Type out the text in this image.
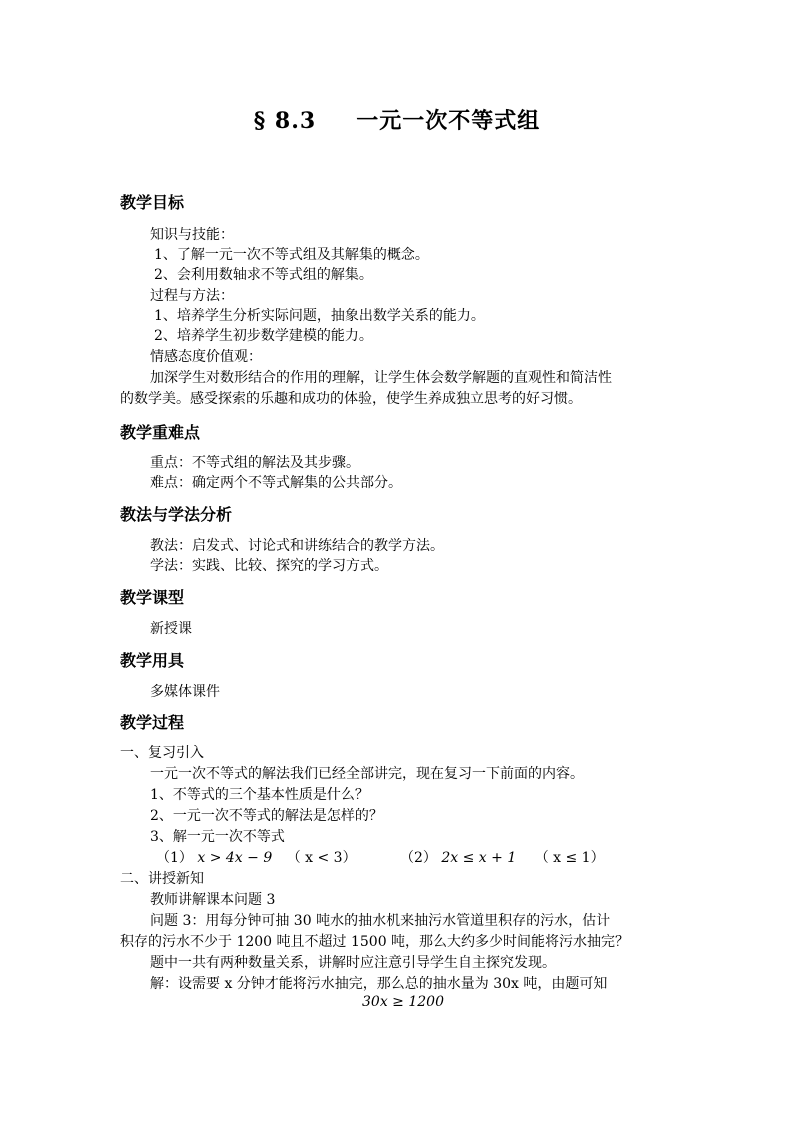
§ 8.3 一元一次不等式组
教学目标
知识与技能：
1、了解一元一次不等式组及其解集的概念。
2、会利用数轴求不等式组的解集。
过程与方法：
1、培养学生分析实际问题，抽象出数学关系的能力。
2、培养学生初步数学建模的能力。
情感态度价值观：
加深学生对数形结合的作用的理解，让学生体会数学解题的直观性和简洁性
的数学美。感受探索的乐趣和成功的体验，使学生养成独立思考的好习惯。
教学重难点
重点：不等式组的解法及其步骤。
难点：确定两个不等式解集的公共部分。
教法与学法分析
教法：启发式、讨论式和讲练结合的教学方法。
学法：实践、比较、探究的学习方式。
教学课型
新授课
教学用具
多媒体课件
教学过程
一、复习引入
一元一次不等式的解法我们已经全部讲完，现在复习一下前面的内容。
1、不等式的三个基本性质是什么？
2、一元一次不等式的解法是怎样的？
3、解一元一次不等式
（1） x > 4x − 9 （ x < 3）	（2） 2x ≤ x + 1 （ x ≤ 1）
二、讲授新知
教师讲解课本问题 3
问题 3：用每分钟可抽 30 吨水的抽水机来抽污水管道里积存的污水，估计
积存的污水不少于 1200 吨且不超过 1500 吨，那么大约多少时间能将污水抽完？
题中一共有两种数量关系，讲解时应注意引导学生自主探究发现。
解：设需要 x 分钟才能将污水抽完，那么总的抽水量为 30x 吨，由题可知
30x ≥ 1200
